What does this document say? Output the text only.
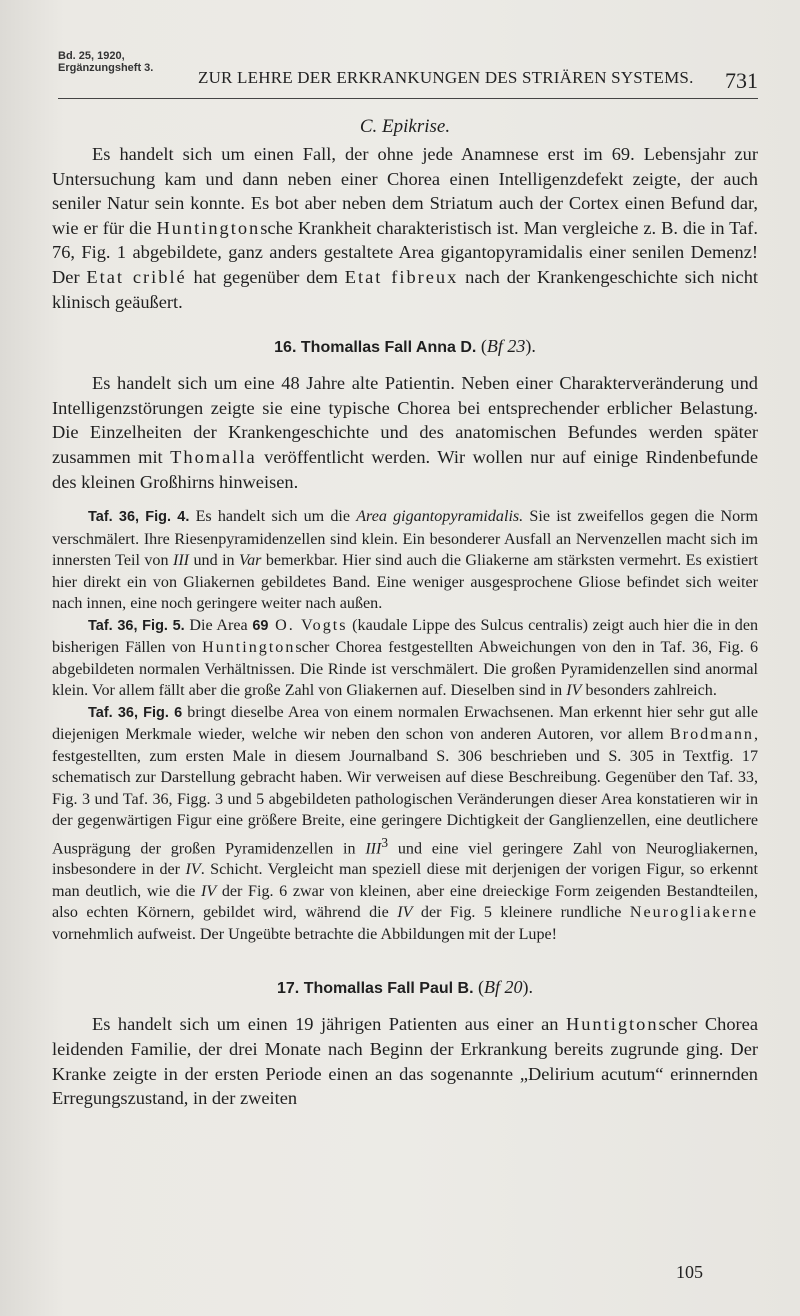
Bd. 25, 1920,
Ergänzungsheft 3.	ZUR LEHRE DER ERKRANKUNGEN DES STRIÄREN SYSTEMS. 731
C. Epikrise.

Es handelt sich um einen Fall, der ohne jede Anamnese erst im 69. Lebensjahr zur Untersuchung kam und dann neben einer Chorea einen Intelligenzdefekt zeigte, der auch seniler Natur sein konnte. Es bot aber neben dem Striatum auch der Cortex einen Befund dar, wie er für die Huntingtonsche Krankheit charakteristisch ist. Man vergleiche z. B. die in Taf. 76, Fig. 1 abgebildete, ganz anders gestaltete Area gigantopyramidalis einer senilen Demenz! Der Etat criblé hat gegenüber dem Etat fibreux nach der Krankengeschichte sich nicht klinisch geäußert.

16. Thomallas Fall Anna D. (Bf 23).

Es handelt sich um eine 48 Jahre alte Patientin. Neben einer Charakterveränderung und Intelligenzstörungen zeigte sie eine typische Chorea bei entsprechender erblicher Belastung. Die Einzelheiten der Krankengeschichte und des anatomischen Befundes werden später zusammen mit Thomalla veröffentlicht werden. Wir wollen nur auf einige Rindenbefunde des kleinen Großhirns hinweisen.

Taf. 36, Fig. 4. Es handelt sich um die Area gigantopyramidalis. Sie ist zweifellos gegen die Norm verschmälert. Ihre Riesenpyramidenzellen sind klein. Ein besonderer Ausfall an Nervenzellen macht sich im innersten Teil von III und in Var bemerkbar. Hier sind auch die Gliakerne am stärksten vermehrt. Es existiert hier direkt ein von Gliakernen gebildetes Band. Eine weniger ausgesprochene Gliose befindet sich weiter nach innen, eine noch geringere weiter nach außen.

Taf. 36, Fig. 5. Die Area 69 O. Vogts (kaudale Lippe des Sulcus centralis) zeigt auch hier die in den bisherigen Fällen von Huntingtonscher Chorea festgestellten Abweichungen von den in Taf. 36, Fig. 6 abgebildeten normalen Verhältnissen. Die Rinde ist verschmälert. Die großen Pyramidenzellen sind anormal klein. Vor allem fällt aber die große Zahl von Gliakernen auf. Dieselben sind in IV besonders zahlreich.

Taf. 36, Fig. 6 bringt dieselbe Area von einem normalen Erwachsenen. Man erkennt hier sehr gut alle diejenigen Merkmale wieder, welche wir neben den schon von anderen Autoren, vor allem Brodmann, festgestellten, zum ersten Male in diesem Journalband S. 306 beschrieben und S. 305 in Textfig. 17 schematisch zur Darstellung gebracht haben. Wir verweisen auf diese Beschreibung. Gegenüber den Taf. 33, Fig. 3 und Taf. 36, Figg. 3 und 5 abgebildeten pathologischen Veränderungen dieser Area konstatieren wir in der gegenwärtigen Figur eine größere Breite, eine geringere Dichtigkeit der Ganglienzellen, eine deutlichere Ausprägung der großen Pyramidenzellen in III$^3$ und eine viel geringere Zahl von Neurogliakernen, insbesondere in der IV. Schicht. Vergleicht man speziell diese mit derjenigen der vorigen Figur, so erkennt man deutlich, wie die IV der Fig. 6 zwar von kleinen, aber eine dreieckige Form zeigenden Bestandteilen, also echten Körnern, gebildet wird, während die IV der Fig. 5 kleinere rundliche Neurogliakerne vornehmlich aufweist. Der Ungeübte betrachte die Abbildungen mit der Lupe!

17. Thomallas Fall Paul B. (Bf 20).

Es handelt sich um einen 19 jährigen Patienten aus einer an Huntigtonscher Chorea leidenden Familie, der drei Monate nach Beginn der Erkrankung bereits zugrunde ging. Der Kranke zeigte in der ersten Periode einen an das sogenannte „Delirium acutum“ erinnernden Erregungszustand, in der zweiten

105
